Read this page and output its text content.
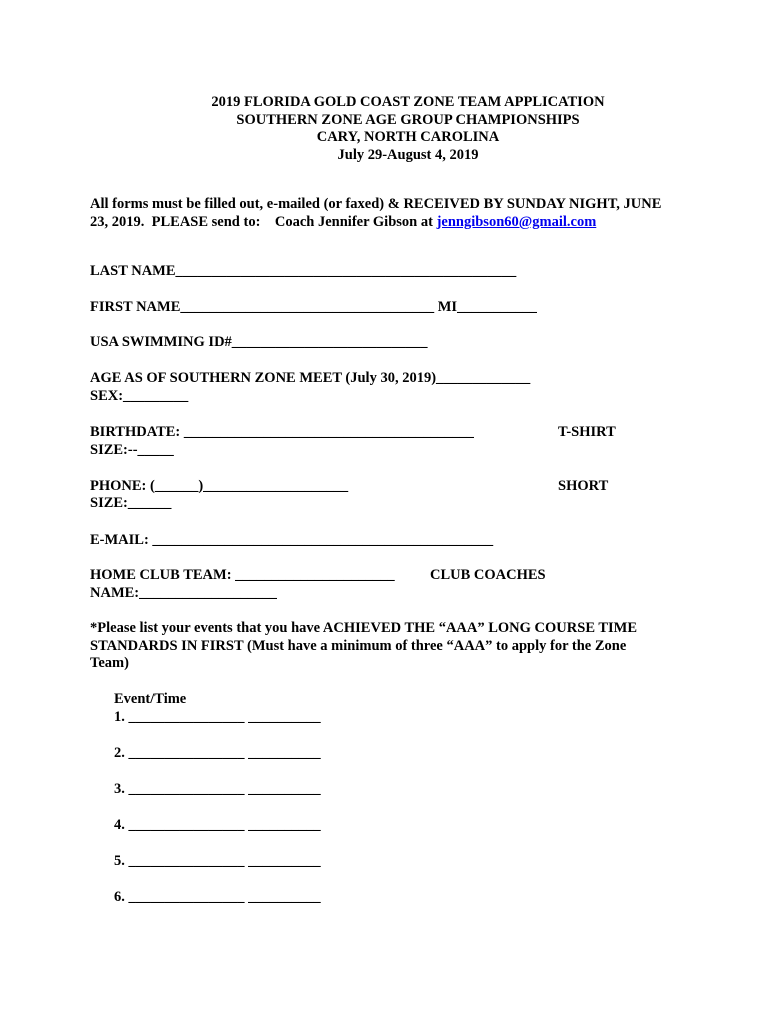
2019 FLORIDA GOLD COAST ZONE TEAM APPLICATION
SOUTHERN ZONE AGE GROUP CHAMPIONSHIPS
CARY, NORTH CAROLINA
July 29-August 4, 2019
All forms must be filled out, e-mailed (or faxed) & RECEIVED BY SUNDAY NIGHT, JUNE
23, 2019.  PLEASE send to:    Coach Jennifer Gibson at jenngibson60@gmail.com
LAST NAME_______________________________________________
FIRST NAME___________________________________ MI___________
USA SWIMMING ID#___________________________
AGE AS OF SOUTHERN ZONE MEET (July 30, 2019)_____________
SEX:_________
BIRTHDATE: ________________________________________	T-SHIRT
SIZE:--_____
PHONE: (______)____________________	SHORT
SIZE:______
E-MAIL: _______________________________________________
HOME CLUB TEAM: ______________________ CLUB COACHES
NAME:___________________
*Please list your events that you have ACHIEVED THE “AAA” LONG COURSE TIME
STANDARDS IN FIRST (Must have a minimum of three “AAA” to apply for the Zone
Team)
Event/Time
1. ________________ __________
2. ________________ __________
3. ________________ __________
4. ________________ __________
5. ________________ __________
6. ________________ __________
